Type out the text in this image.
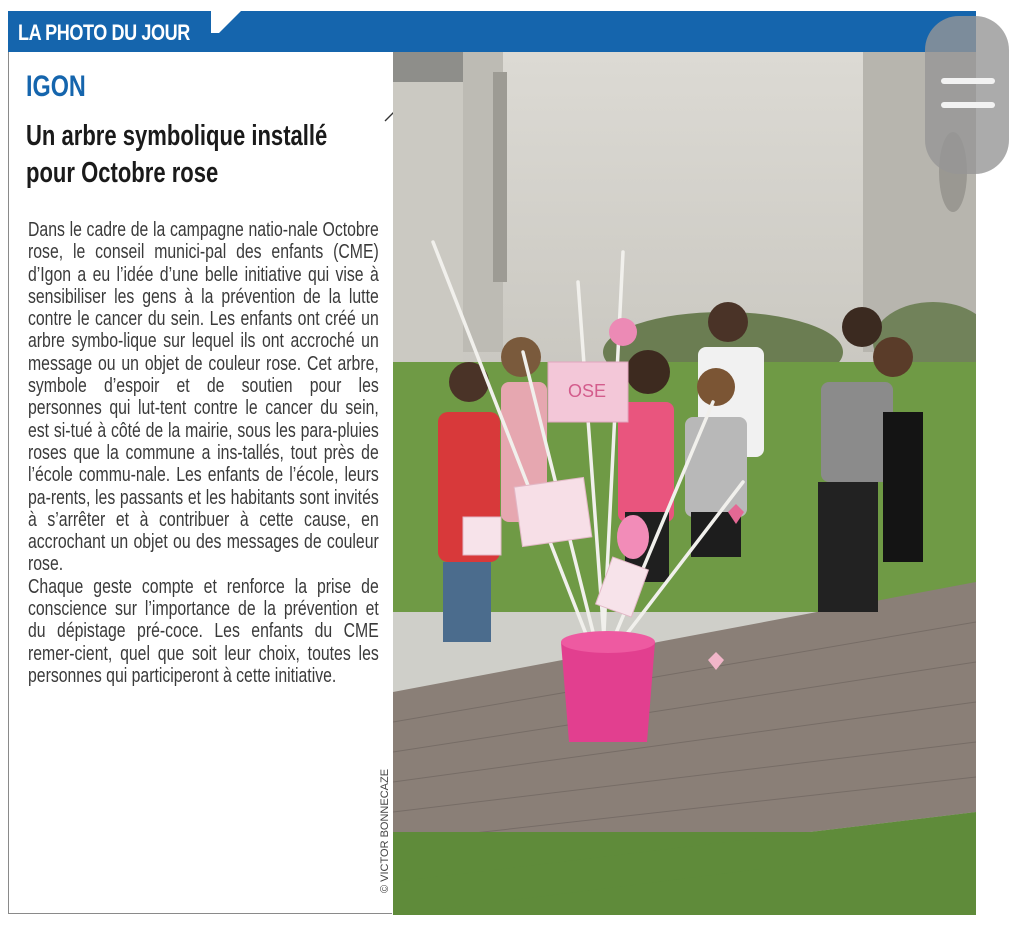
LA PHOTO DU JOUR
IGON
Un arbre symbolique installé pour Octobre rose

Dans le cadre de la campagne natio-nale Octobre rose, le conseil munici-pal des enfants (CME) d’Igon a eu l’idée d’une belle initiative qui vise à sensibiliser les gens à la prévention de la lutte contre le cancer du sein. Les enfants ont créé un arbre symbo-lique sur lequel ils ont accroché un message ou un objet de couleur rose. Cet arbre, symbole d’espoir et de soutien pour les personnes qui lut-tent contre le cancer du sein, est si-tué à côté de la mairie, sous les para-pluies roses que la commune a ins-tallés, tout près de l’école commu-nale. Les enfants de l’école, leurs pa-rents, les passants et les habitants sont invités à s’arrêter et à contribuer à cette cause, en accrochant un objet ou des messages de couleur rose.

Chaque geste compte et renforce la prise de conscience sur l’importance de la prévention et du dépistage pré-coce. Les enfants du CME remer-cient, quel que soit leur choix, toutes les personnes qui participeront à cette initiative.

OSE
© VICTOR BONNECAZE
